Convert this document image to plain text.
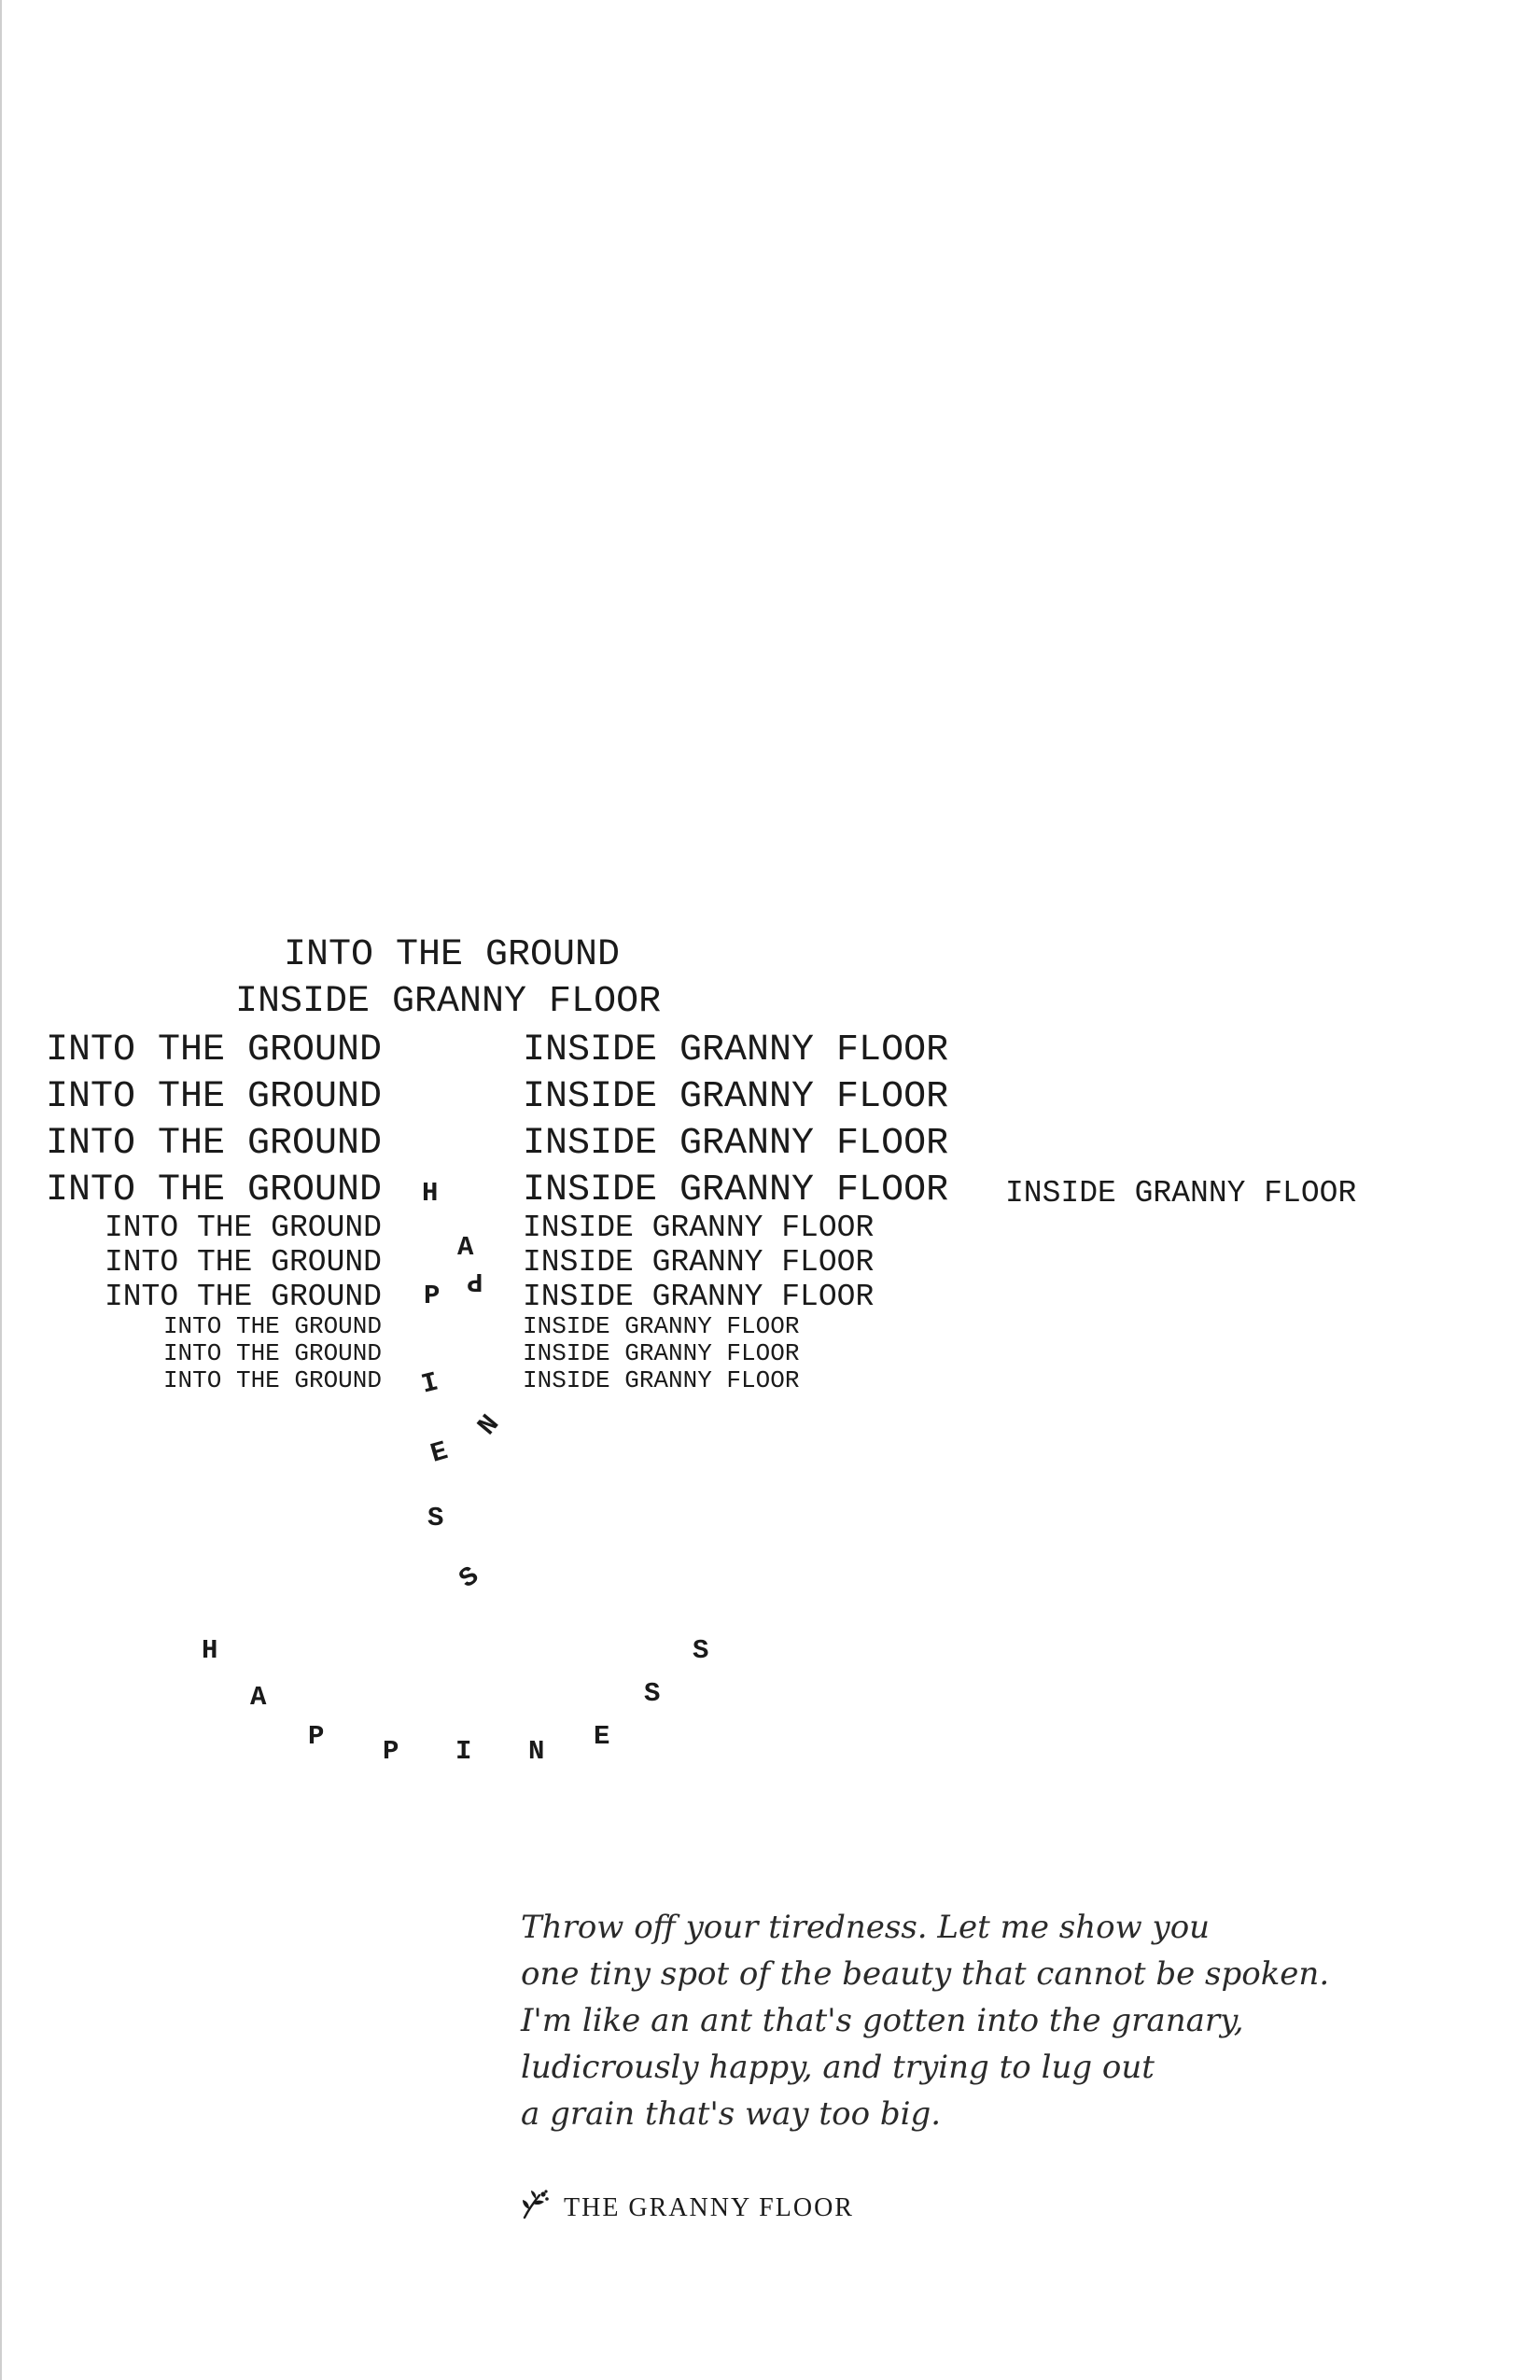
INTO THE GROUND
INSIDE GRANNY FLOOR
INTO THE GROUND
INTO THE GROUND
INTO THE GROUND
INTO THE GROUND
INTO THE GROUND
INTO THE GROUND
INTO THE GROUND
INTO THE GROUND
INTO THE GROUND
INTO THE GROUND
INSIDE GRANNY FLOOR
INSIDE GRANNY FLOOR
INSIDE GRANNY FLOOR
INSIDE GRANNY FLOOR
INSIDE GRANNY FLOOR
INSIDE GRANNY FLOOR
INSIDE GRANNY FLOOR
INSIDE GRANNY FLOOR
INSIDE GRANNY FLOOR
INSIDE GRANNY FLOOR
INSIDE GRANNY FLOOR
H
A
P P
I
N
E
S
S
H
A
P P I N E
S
S
Throw off your tiredness. Let me show you
one tiny spot of the beauty that cannot be spoken.
I'm like an ant that's gotten into the granary,
ludicrously happy, and trying to lug out
a grain that's way too big.
THE GRANNY FLOOR
